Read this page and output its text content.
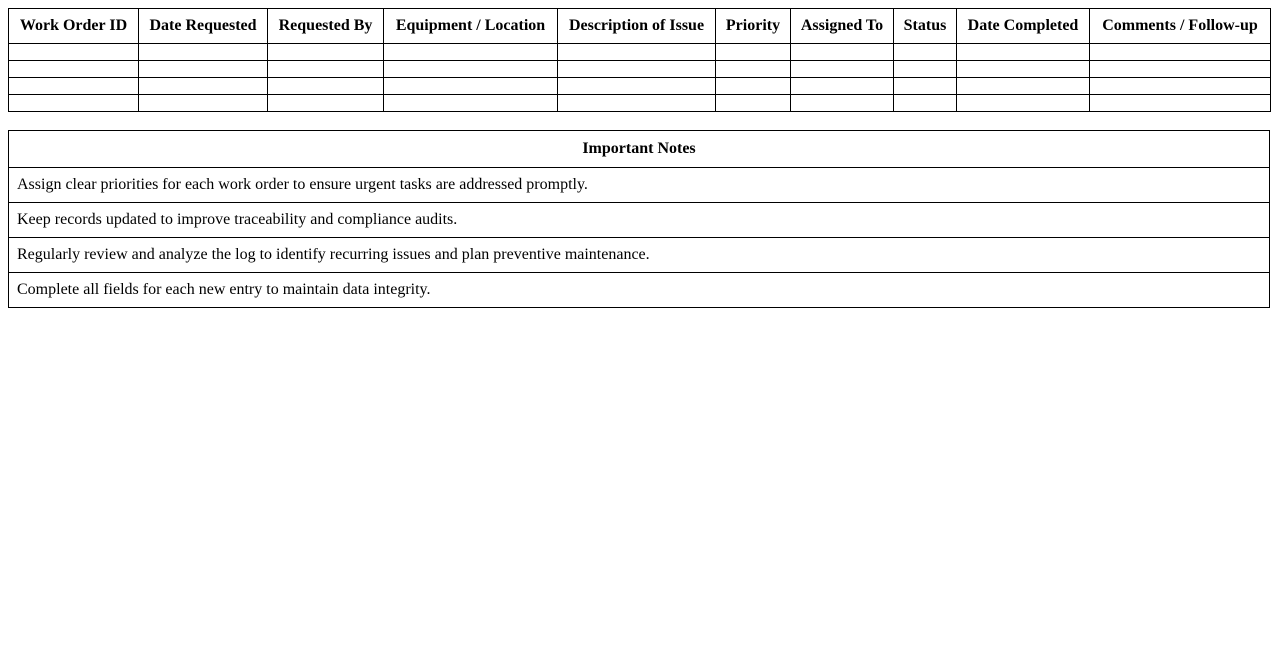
Work Order ID	Date Requested	Requested By	Equipment / Location	Description of Issue	Priority	Assigned To	Status	Date Completed	Comments / Follow-up

Important Notes
Assign clear priorities for each work order to ensure urgent tasks are addressed promptly.
Keep records updated to improve traceability and compliance audits.
Regularly review and analyze the log to identify recurring issues and plan preventive maintenance.
Complete all fields for each new entry to maintain data integrity.
